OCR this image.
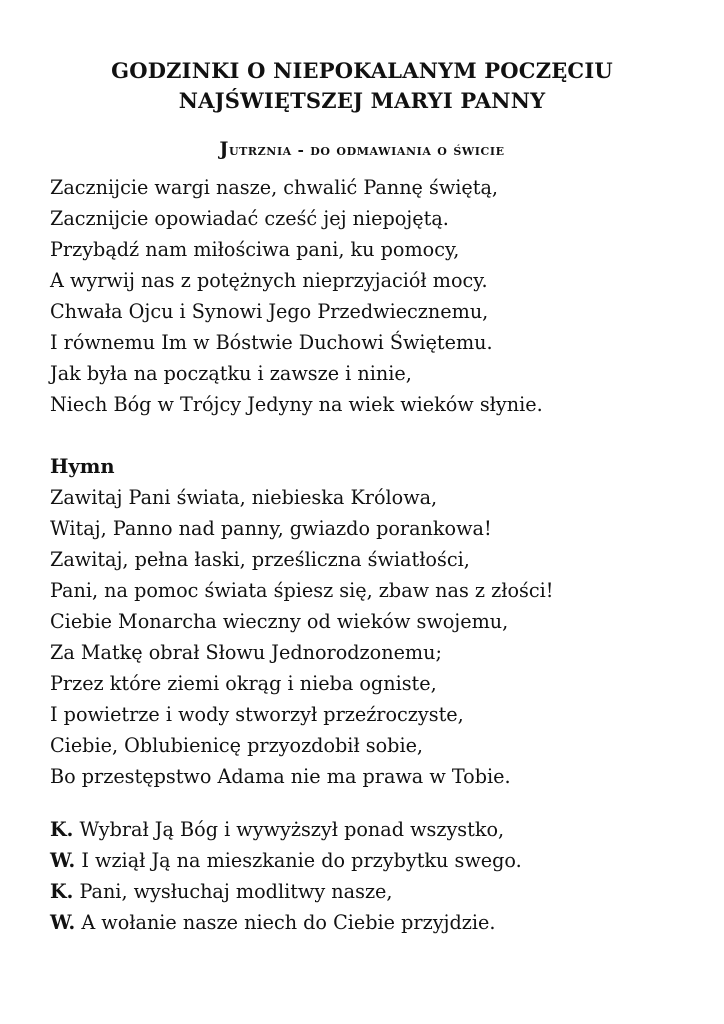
GODZINKI O NIEPOKALANYM POCZĘCIU
NAJŚWIĘTSZEJ MARYI PANNY
Jutrznia - do odmawiania o świcie
Zacznijcie wargi nasze, chwalić Pannę świętą,
Zacznijcie opowiadać cześć jej niepojętą.
Przybądź nam miłościwa pani, ku pomocy,
A wyrwij nas z potężnych nieprzyjaciół mocy.
Chwała Ojcu i Synowi Jego Przedwiecznemu,
I równemu Im w Bóstwie Duchowi Świętemu.
Jak była na początku i zawsze i ninie,
Niech Bóg w Trójcy Jedyny na wiek wieków słynie.
Hymn
Zawitaj Pani świata, niebieska Królowa,
Witaj, Panno nad panny, gwiazdo porankowa!
Zawitaj, pełna łaski, prześliczna światłości,
Pani, na pomoc świata śpiesz się, zbaw nas z złości!
Ciebie Monarcha wieczny od wieków swojemu,
Za Matkę obrał Słowu Jednorodzonemu;
Przez które ziemi okrąg i nieba ogniste,
I powietrze i wody stworzył przeźroczyste,
Ciebie, Oblubienicę przyozdobił sobie,
Bo przestępstwo Adama nie ma prawa w Tobie.
K. Wybrał Ją Bóg i wywyższył ponad wszystko,
W. I wziął Ją na mieszkanie do przybytku swego.
K. Pani, wysłuchaj modlitwy nasze,
W. A wołanie nasze niech do Ciebie przyjdzie.
